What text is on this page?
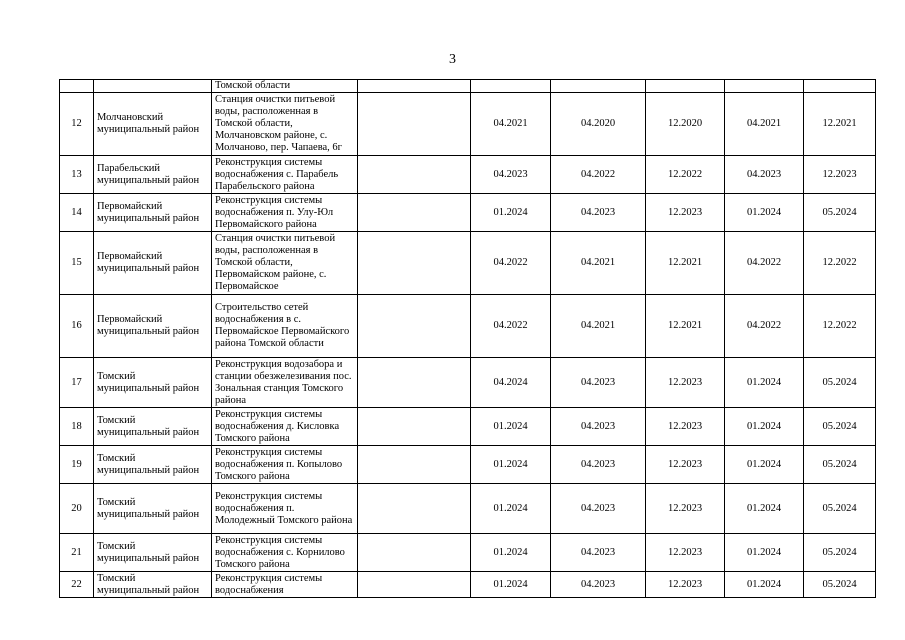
3
		Томской области						
12	Молчановский муниципальный район	Станция очистки питьевой воды, расположенная в Томской области, Молчановском районе, с. Молчаново, пер. Чапаева, 6г		04.2021	04.2020	12.2020	04.2021	12.2021
13	Парабельский муниципальный район	Реконструкция системы водоснабжения с. Парабель Парабельского района		04.2023	04.2022	12.2022	04.2023	12.2023
14	Первомайский муниципальный район	Реконструкция системы водоснабжения п. Улу-Юл Первомайского района		01.2024	04.2023	12.2023	01.2024	05.2024
15	Первомайский муниципальный район	Станция очистки питьевой воды, расположенная в Томской области, Первомайском районе, с. Первомайское		04.2022	04.2021	12.2021	04.2022	12.2022
16	Первомайский муниципальный район	Строительство сетей водоснабжения в с. Первомайское Первомайского района Томской области		04.2022	04.2021	12.2021	04.2022	12.2022
17	Томский муниципальный район	Реконструкция водозабора и станции обезжелезивания пос. Зональная станция Томского района		04.2024	04.2023	12.2023	01.2024	05.2024
18	Томский муниципальный район	Реконструкция системы водоснабжения д. Кисловка Томского района		01.2024	04.2023	12.2023	01.2024	05.2024
19	Томский муниципальный район	Реконструкция системы водоснабжения п. Копылово Томского района		01.2024	04.2023	12.2023	01.2024	05.2024
20	Томский муниципальный район	Реконструкция системы водоснабжения п. Молодежный Томского района		01.2024	04.2023	12.2023	01.2024	05.2024
21	Томский муниципальный район	Реконструкция системы водоснабжения с. Корнилово Томского района		01.2024	04.2023	12.2023	01.2024	05.2024
22	Томский муниципальный район	Реконструкция системы водоснабжения		01.2024	04.2023	12.2023	01.2024	05.2024
